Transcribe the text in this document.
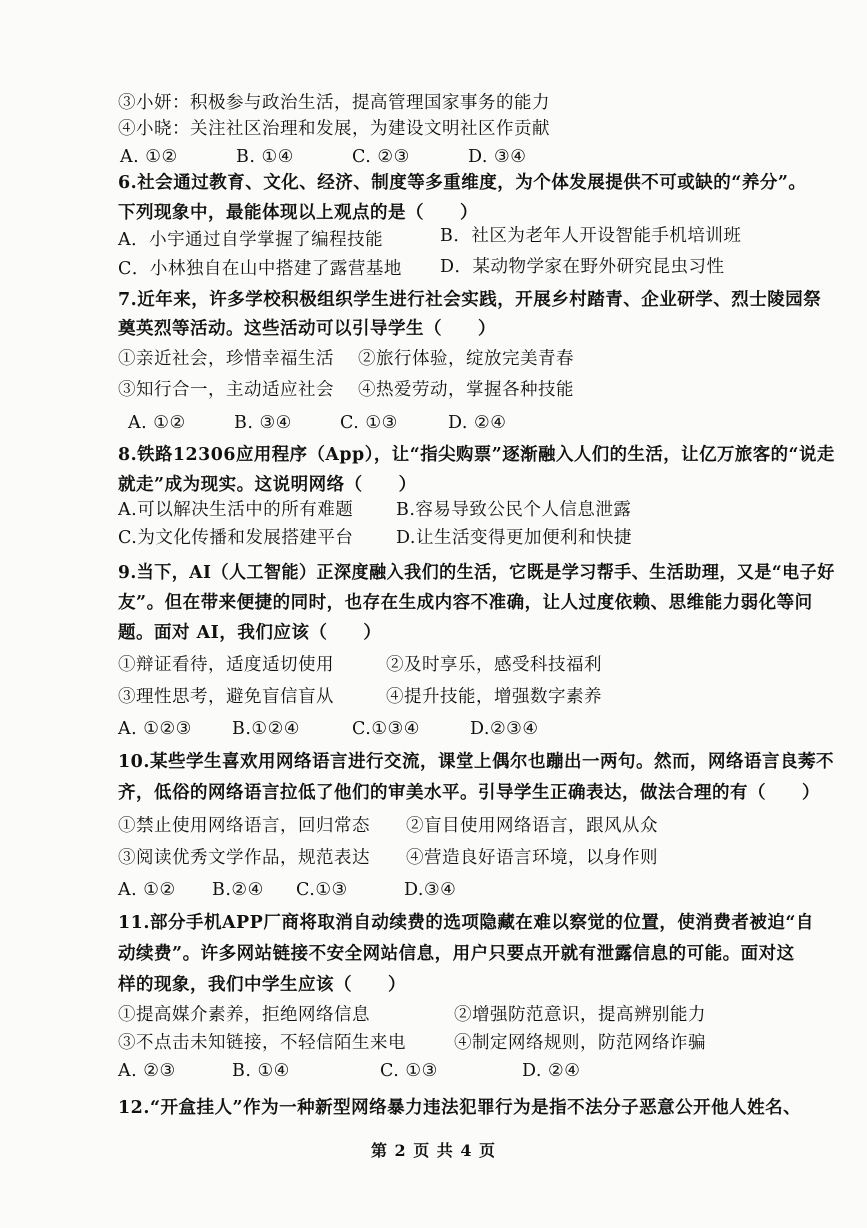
③小妍：积极参与政治生活，提高管理国家事务的能力
④小晓：关注社区治理和发展，为建设文明社区作贡献
A. ①②	B. ①④	C. ②③	D. ③④
6.社会通过教育、文化、经济、制度等多重维度，为个体发展提供不可或缺的“养分”。
下列现象中，最能体现以上观点的是（　　）
A．小宇通过自学掌握了编程技能	B．社区为老年人开设智能手机培训班
C．小林独自在山中搭建了露营基地 D．某动物学家在野外研究昆虫习性
7.近年来，许多学校积极组织学生进行社会实践，开展乡村踏青、企业研学、烈士陵园祭
奠英烈等活动。这些活动可以引导学生（　　）
①亲近社会，珍惜幸福生活 ②旅行体验，绽放完美青春
③知行合一，主动适应社会 ④热爱劳动，掌握各种技能
A. ①②	B. ③④	C. ①③	D. ②④
8.铁路12306应用程序（App），让“指尖购票”逐渐融入人们的生活，让亿万旅客的“说走
就走”成为现实。这说明网络（　　）
A.可以解决生活中的所有难题 B.容易导致公民个人信息泄露
C.为文化传播和发展搭建平台 D.让生活变得更加便利和快捷
9.当下，AI（人工智能）正深度融入我们的生活，它既是学习帮手、生活助理，又是“电子好
友”。但在带来便捷的同时，也存在生成内容不准确，让人过度依赖、思维能力弱化等问
题。面对 AI，我们应该（　　）
①辩证看待，适度适切使用	②及时享乐，感受科技福利
③理性思考，避免盲信盲从	④提升技能，增强数字素养
A. ①②③ B.①②④	C.①③④	D.②③④
10.某些学生喜欢用网络语言进行交流，课堂上偶尔也蹦出一两句。然而，网络语言良莠不
齐，低俗的网络语言拉低了他们的审美水平。引导学生正确表达，做法合理的有（　　）
①禁止使用网络语言，回归常态 ②盲目使用网络语言，跟风从众
③阅读优秀文学作品，规范表达 ④营造良好语言环境，以身作则
A. ①② B.②④ C.①③	D.③④
11.部分手机APP厂商将取消自动续费的选项隐藏在难以察觉的位置，使消费者被迫“自
动续费”。许多网站链接不安全网站信息，用户只要点开就有泄露信息的可能。面对这
样的现象，我们中学生应该（　　）
①提高媒介素养，拒绝网络信息	②增强防范意识，提高辨别能力
③不点击未知链接，不轻信陌生来电	④制定网络规则，防范网络诈骗
A. ②③	B. ①④	C. ①③	D. ②④
12.“开盒挂人”作为一种新型网络暴力违法犯罪行为是指不法分子恶意公开他人姓名、
第 2 页 共 4 页
